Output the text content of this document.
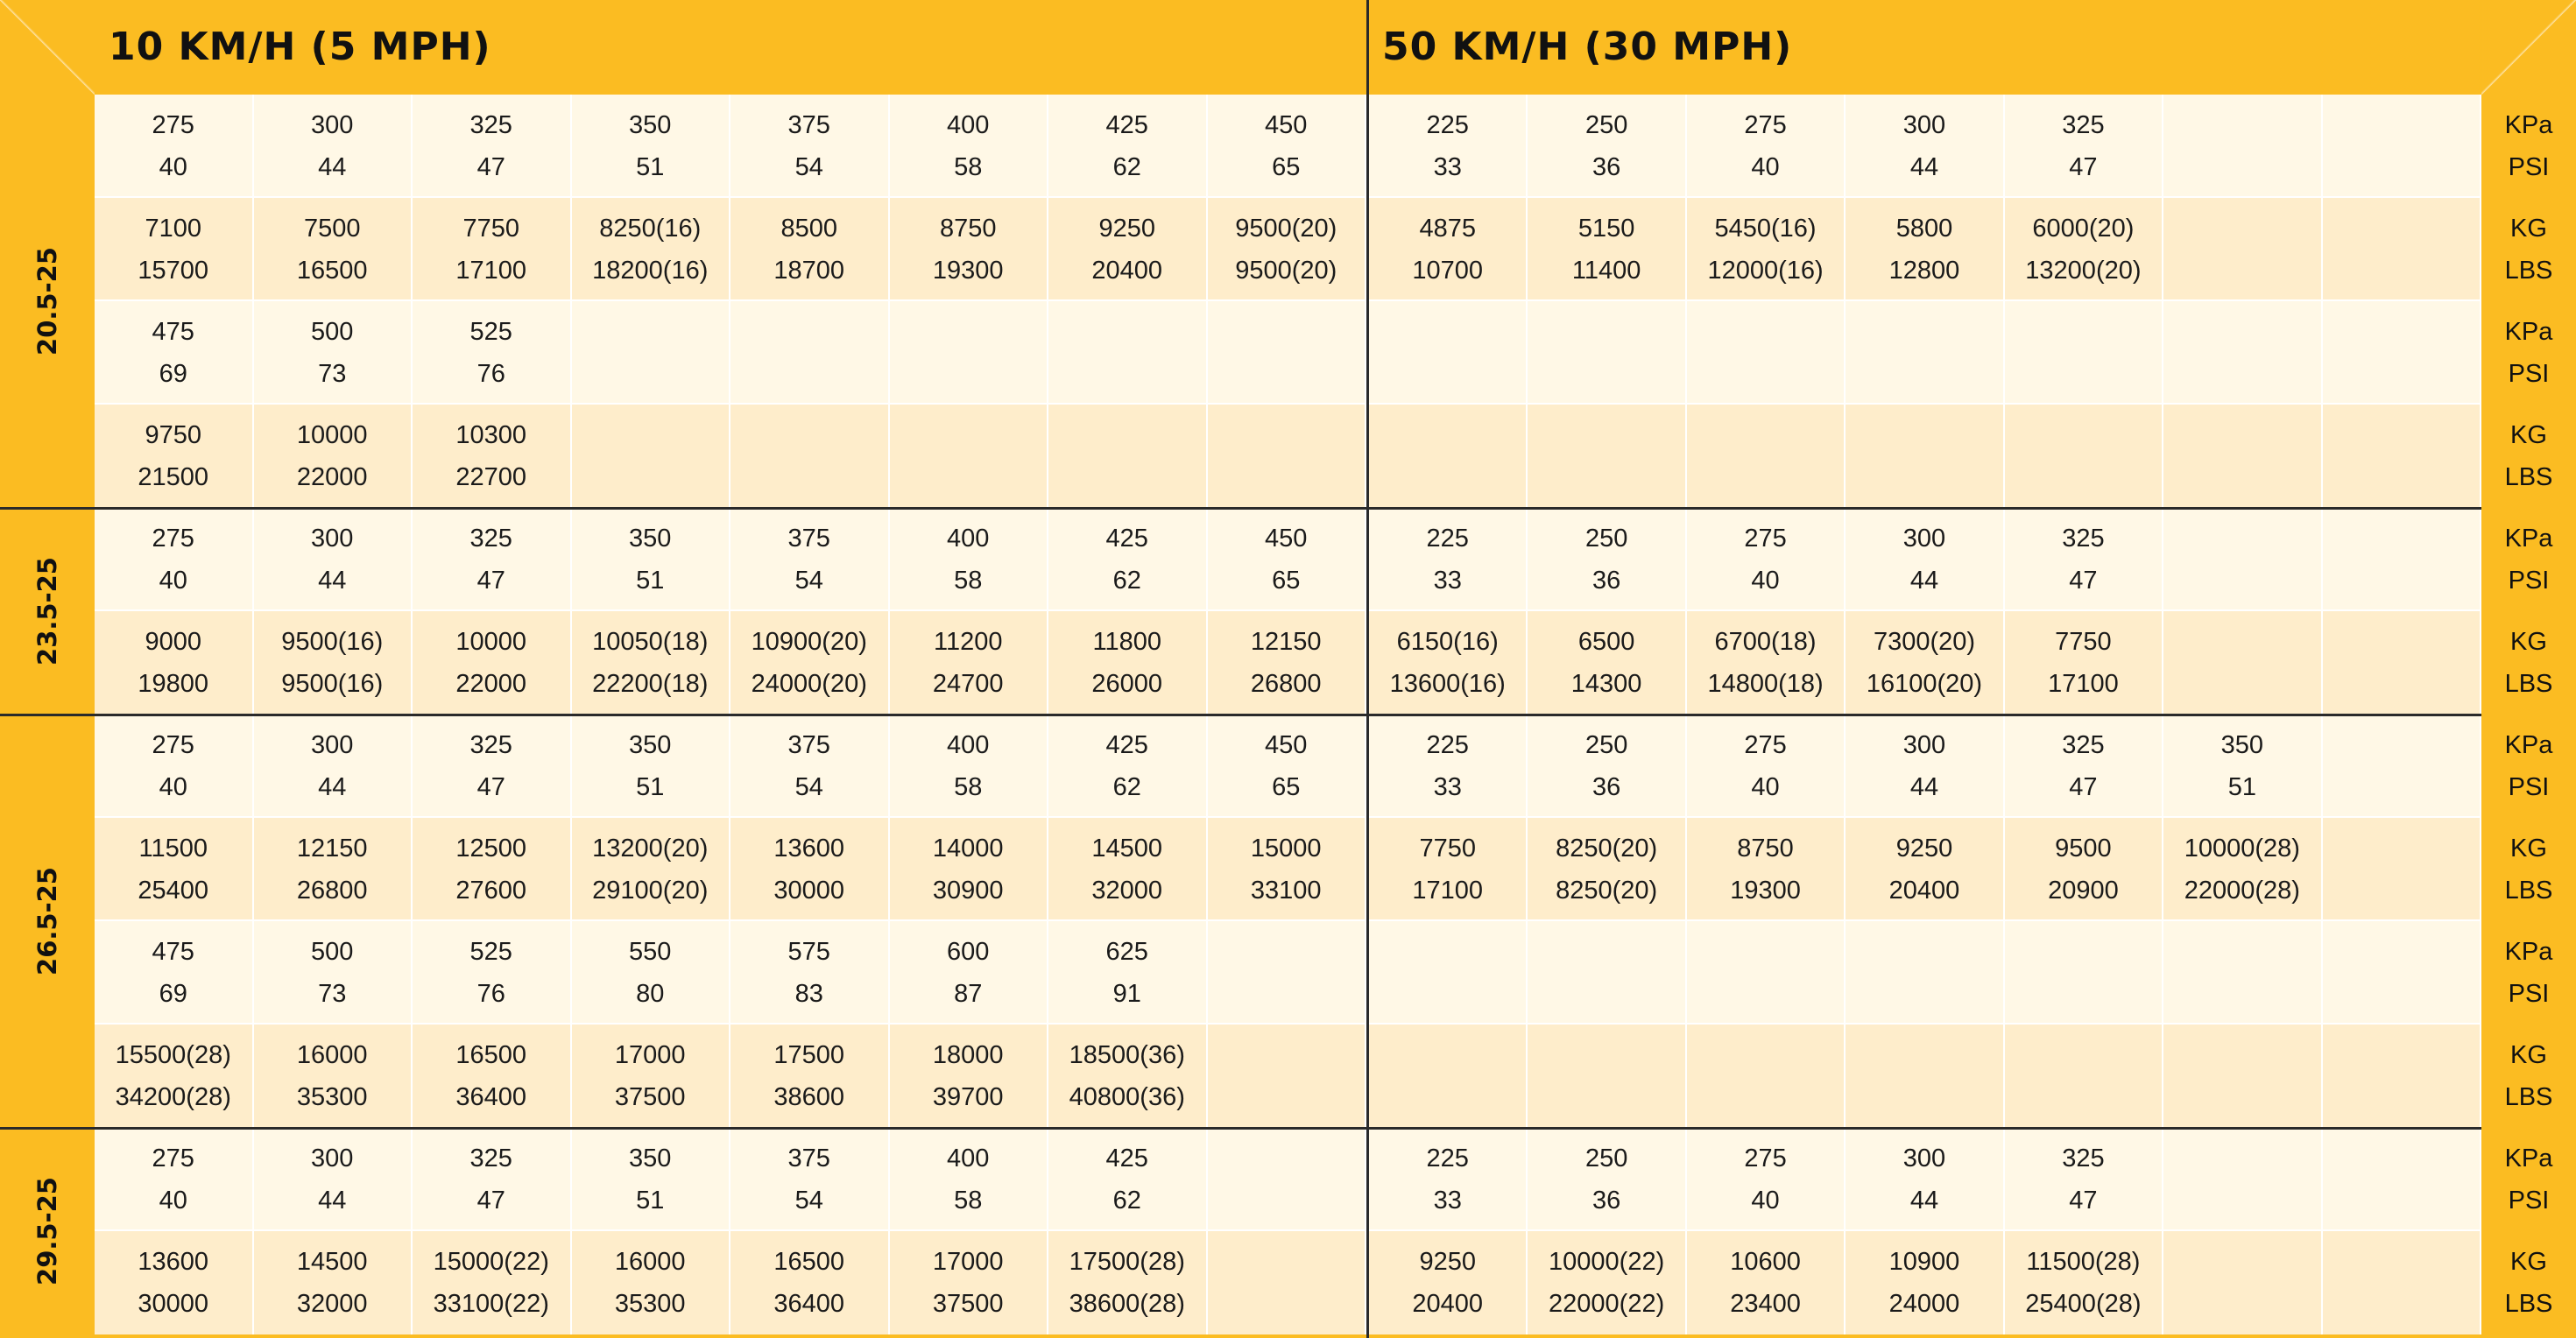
10 KM/H (5 MPH)	50 KM/H (30 MPH)
20.5-25
23.5-25
26.5-25
29.5-25
275
40
300
44
325
47
350
51
375
54
400
58
425
62
450
65
225
33
250
36
275
40
300
44
325
47
7100
15700
7500
16500
7750
17100
8250(16)
18200(16)
8500
18700
8750
19300
9250
20400
9500(20)
9500(20)
4875
10700
5150
11400
5450(16)
12000(16)
5800
12800
6000(20)
13200(20)
475
69
500
73
525
76
9750
21500
10000
22000
10300
22700
275
40
300
44
325
47
350
51
375
54
400
58
425
62
450
65
225
33
250
36
275
40
300
44
325
47
9000
19800
9500(16)
9500(16)
10000
22000
10050(18)
22200(18)
10900(20)
24000(20)
11200
24700
11800
26000
12150
26800
6150(16)
13600(16)
6500
14300
6700(18)
14800(18)
7300(20)
16100(20)
7750
17100
275
40
300
44
325
47
350
51
375
54
400
58
425
62
450
65
225
33
250
36
275
40
300
44
325
47
350
51
11500
25400
12150
26800
12500
27600
13200(20)
29100(20)
13600
30000
14000
30900
14500
32000
15000
33100
7750
17100
8250(20)
8250(20)
8750
19300
9250
20400
9500
20900
10000(28)
22000(28)
475
69
500
73
525
76
550
80
575
83
600
87
625
91
15500(28)
34200(28)
16000
35300
16500
36400
17000
37500
17500
38600
18000
39700
18500(36)
40800(36)
275
40
300
44
325
47
350
51
375
54
400
58
425
62
225
33
250
36
275
40
300
44
325
47
13600
30000
14500
32000
15000(22)
33100(22)
16000
35300
16500
36400
17000
37500
17500(28)
38600(28)
9250
20400
10000(22)
22000(22)
10600
23400
10900
24000
11500(28)
25400(28)
KPa
PSI
KG
LBS
KPa
PSI
KG
LBS
KPa
PSI
KG
LBS
KPa
PSI
KG
LBS
KPa
PSI
KG
LBS
KPa
PSI
KG
LBS
